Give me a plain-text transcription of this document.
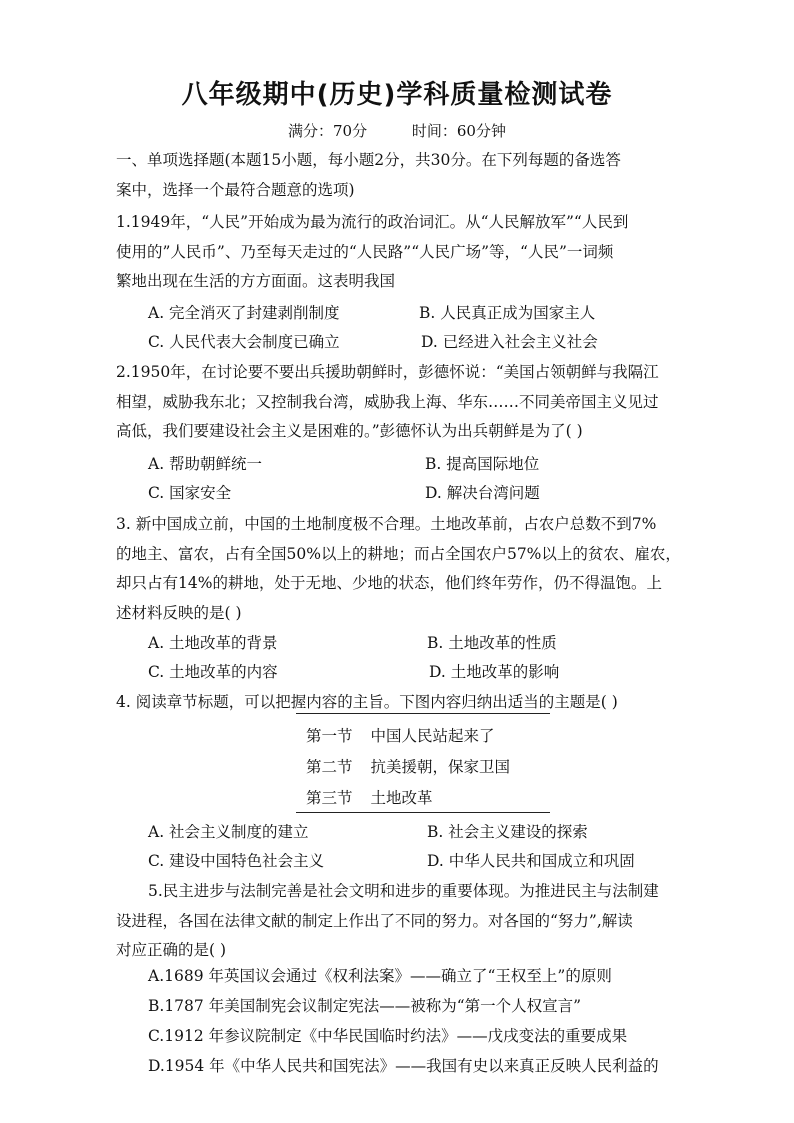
八年级期中(历史)学科质量检测试卷
满分：70分	时间：60分钟
一、单项选择题(本题15小题，每小题2分，共30分。在下列每题的备选答
案中，选择一个最符合题意的选项)
1.1949年，“人民”开始成为最为流行的政治词汇。从“人民解放军”“人民到
使用的”人民币”、乃至每天走过的“人民路”“人民广场”等，“人民”一词频
繁地出现在生活的方方面面。这表明我国
A. 完全消灭了封建剥削制度	B. 人民真正成为国家主人
C. 人民代表大会制度已确立	D. 已经进入社会主义社会
2.1950年，在讨论要不要出兵援助朝鲜时，彭德怀说：“美国占领朝鲜与我隔江
相望，威胁我东北；又控制我台湾，威胁我上海、华东……不同美帝国主义见过
高低，我们要建设社会主义是困难的。”彭德怀认为出兵朝鲜是为了( )
A. 帮助朝鲜统一	B. 提高国际地位
C. 国家安全	D. 解决台湾问题
3. 新中国成立前，中国的土地制度极不合理。土地改革前，占农户总数不到7%
的地主、富农，占有全国50%以上的耕地；而占全国农户57%以上的贫农、雇农，
却只占有14%的耕地，处于无地、少地的状态，他们终年劳作，仍不得温饱。上
述材料反映的是( )
A. 土地改革的背景	B. 土地改革的性质
C. 土地改革的内容	D. 土地改革的影响
4. 阅读章节标题，可以把握内容的主旨。下图内容归纳出适当的主题是( )
第一节 中国人民站起来了
第二节 抗美援朝，保家卫国
第三节 土地改革
A. 社会主义制度的建立	B. 社会主义建设的探索
C. 建设中国特色社会主义	D. 中华人民共和国成立和巩固
5.民主进步与法制完善是社会文明和进步的重要体现。为推进民主与法制建
设进程，各国在法律文献的制定上作出了不同的努力。对各国的“努力”,解读
对应正确的是( )
A.1689 年英国议会通过《权利法案》——确立了“王权至上”的原则
B.1787 年美国制宪会议制定宪法——被称为“第一个人权宣言”
C.1912 年参议院制定《中华民国临时约法》——戊戌变法的重要成果
D.1954 年《中华人民共和国宪法》——我国有史以来真正反映人民利益的
